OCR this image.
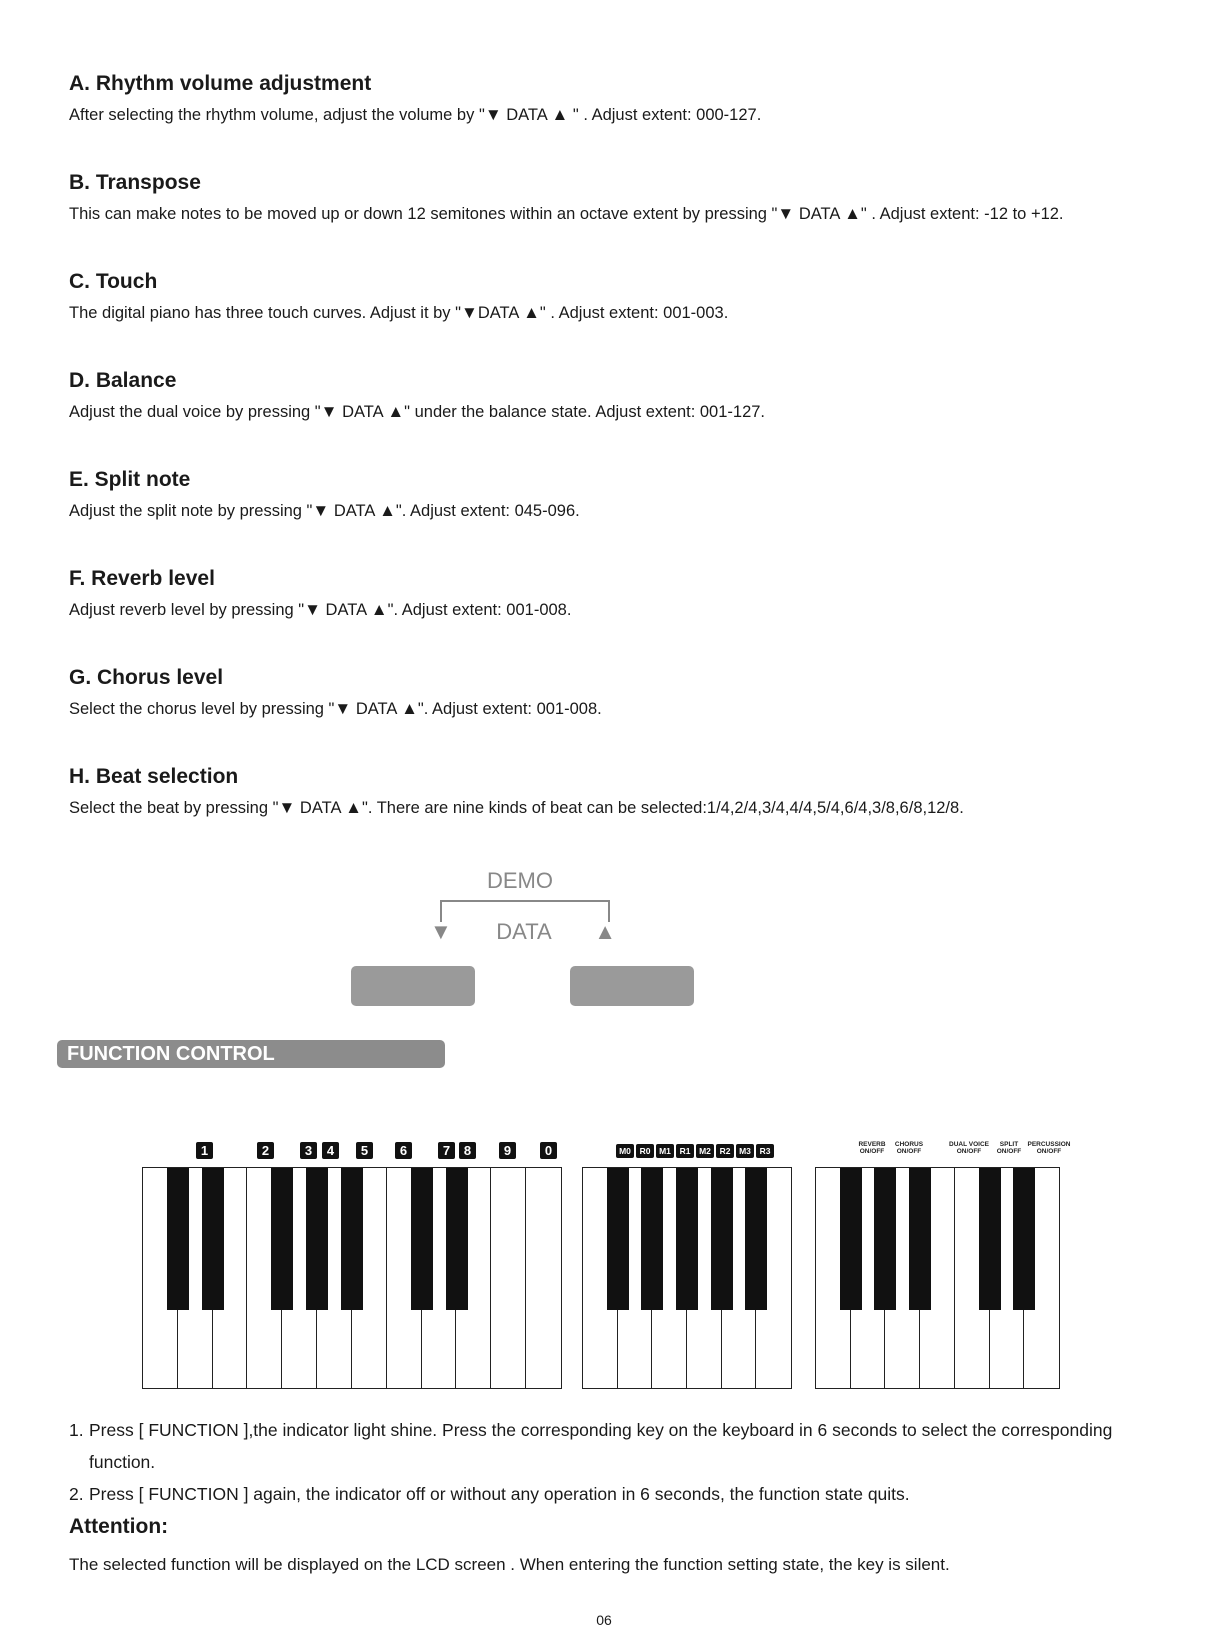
A. Rhythm volume adjustment
After selecting the rhythm volume, adjust the volume by "▼ DATA ▲ " . Adjust extent: 000-127.
B. Transpose
This can make notes to be moved up or down 12 semitones within an octave extent by pressing "▼ DATA ▲" . Adjust extent: -12 to +12.
C. Touch
The digital piano has three touch curves. Adjust it by "▼DATA ▲" . Adjust extent: 001-003.
D. Balance
Adjust the dual voice by pressing "▼ DATA ▲" under the balance state. Adjust extent: 001-127.
E. Split note
Adjust the split note by pressing "▼ DATA ▲". Adjust extent: 045-096.
F. Reverb level
Adjust reverb level by pressing "▼ DATA ▲". Adjust extent: 001-008.
G. Chorus level
Select the chorus level by pressing "▼ DATA ▲". Adjust extent: 001-008.
H. Beat selection
Select the beat by pressing "▼ DATA ▲". There are nine kinds of beat can be selected:1/4,2/4,3/4,4/4,5/4,6/4,3/8,6/8,12/8.
DEMO
▼	DATA	▲
FUNCTION CONTROL
1	2	3	4	5	6	7	8	9	0	M0	R0	M1	R1	M2	R2	M3	R3
REVERB
ON/OFF
CHORUS
ON/OFF
DUAL VOICE
ON/OFF
SPLIT
ON/OFF
PERCUSSION
ON/OFF
1. Press [ FUNCTION ],the indicator light shine. Press the corresponding key on the keyboard in 6 seconds to select the corresponding function.
2. Press [ FUNCTION ] again, the indicator off or without any operation in 6 seconds, the function state quits.
Attention:
The selected function will be displayed on the LCD screen . When entering the function setting state, the key is silent.
06
